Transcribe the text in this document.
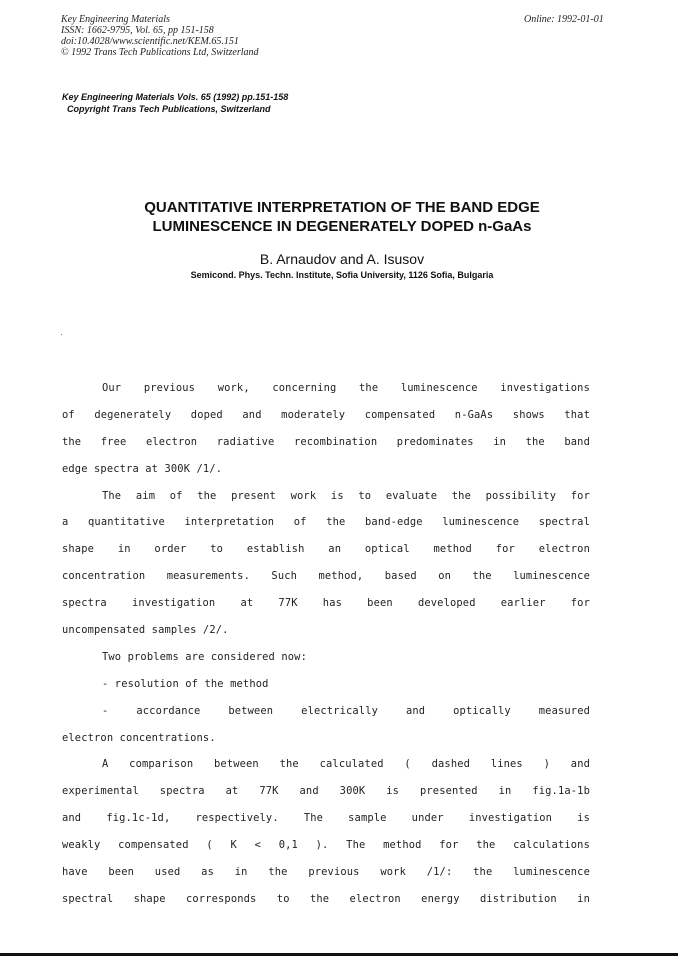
Key Engineering Materials
ISSN: 1662-9795, Vol. 65, pp 151-158
doi:10.4028/www.scientific.net/KEM.65.151
© 1992 Trans Tech Publications Ltd, Switzerland
Online: 1992-01-01
Key Engineering Materials Vols. 65 (1992) pp.151-158
Copyright Trans Tech Publications, Switzerland
QUANTITATIVE INTERPRETATION OF THE BAND EDGE
LUMINESCENCE IN DEGENERATELY DOPED n-GaAs
B. Arnaudov and A. Isusov
Semicond. Phys. Techn. Institute, Sofia University, 1126 Sofia, Bulgaria
Our previous work, concerning the luminescence investigations
of degenerately doped and moderately compensated n-GaAs shows that
the free electron radiative recombination predominates in the band
edge spectra at 300K /1/.
The aim of the present work is to evaluate the possibility for
a quantitative interpretation of the band-edge luminescence spectral
shape in order to establish an optical method for electron
concentration measurements. Such method, based on the luminescence
spectra investigation at 77K has been developed earlier for
uncompensated samples /2/.
Two problems are considered now:
- resolution of the method
- accordance between electrically and optically measured
electron concentrations.
A comparison between the calculated ( dashed lines ) and
experimental spectra at 77K and 300K is presented in fig.1a-1b
and fig.1c-1d, respectively. The sample under investigation is
weakly compensated ( K < 0,1 ). The method for the calculations
have been used as in the previous work /1/: the luminescence
spectral shape corresponds to the electron energy distribution in
